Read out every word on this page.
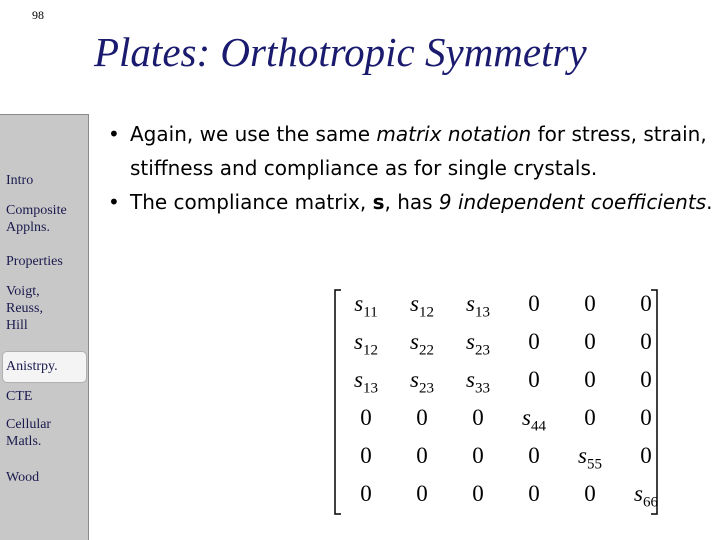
98
Plates: Orthotropic Symmetry
Intro
Composite
Applns.
Properties
Voigt,
Reuss,
Hill
Anistrpy.
CTE
Cellular
Matls.
Wood
• Again, we use the same matrix notation for stress, strain, stiffness and compliance as for single crystals.
• The compliance matrix, s, has 9 independent coefficients.
$s_{11}$	$s_{12}$	$s_{13}$	0	0	0
$s_{12}$	$s_{22}$	$s_{23}$	0	0	0
$s_{13}$	$s_{23}$	$s_{33}$	0	0	0
0	0	0	$s_{44}$	0	0
0	0	0	0	$s_{55}$	0
0	0	0	0	0	$s_{66}$
